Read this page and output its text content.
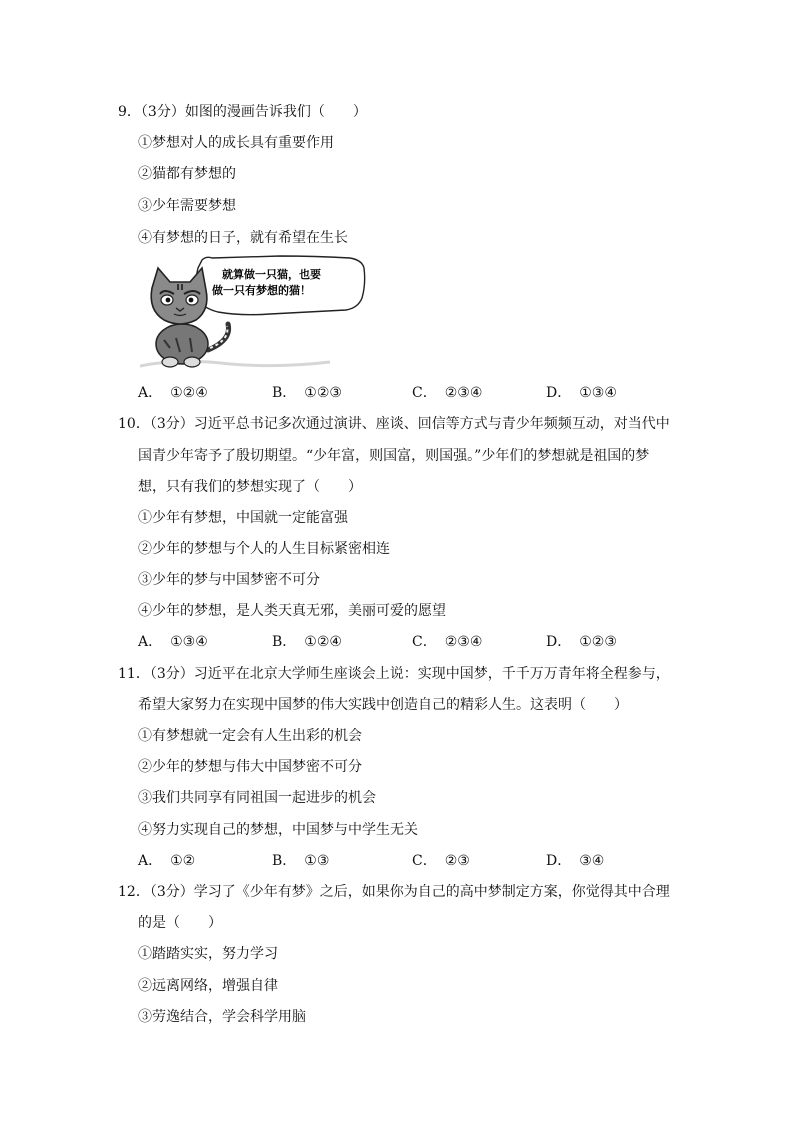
9．（3分）如图的漫画告诉我们（　　）
①梦想对人的成长具有重要作用
②猫都有梦想的
③少年需要梦想
④有梦想的日子，就有希望在生长
就算做一只猫，也要
做一只有梦想的猫！
A． ①②④	B． ①②③	C． ②③④	D． ①③④
10．（3分）习近平总书记多次通过演讲、座谈、回信等方式与青少年频频互动，对当代中
国青少年寄予了殷切期望。“少年富，则国富，则国强。”少年们的梦想就是祖国的梦
想，只有我们的梦想实现了（　　）
①少年有梦想，中国就一定能富强
②少年的梦想与个人的人生目标紧密相连
③少年的梦与中国梦密不可分
④少年的梦想，是人类天真无邪，美丽可爱的愿望
A． ①③④	B． ①②④	C． ②③④	D． ①②③
11．（3分）习近平在北京大学师生座谈会上说：实现中国梦，千千万万青年将全程参与，
希望大家努力在实现中国梦的伟大实践中创造自己的精彩人生。这表明（　　）
①有梦想就一定会有人生出彩的机会
②少年的梦想与伟大中国梦密不可分
③我们共同享有同祖国一起进步的机会
④努力实现自己的梦想，中国梦与中学生无关
A． ①②	B． ①③	C． ②③	D． ③④
12．（3分）学习了《少年有梦》之后，如果你为自己的高中梦制定方案，你觉得其中合理
的是（　　）
①踏踏实实，努力学习
②远离网络，增强自律
③劳逸结合，学会科学用脑
